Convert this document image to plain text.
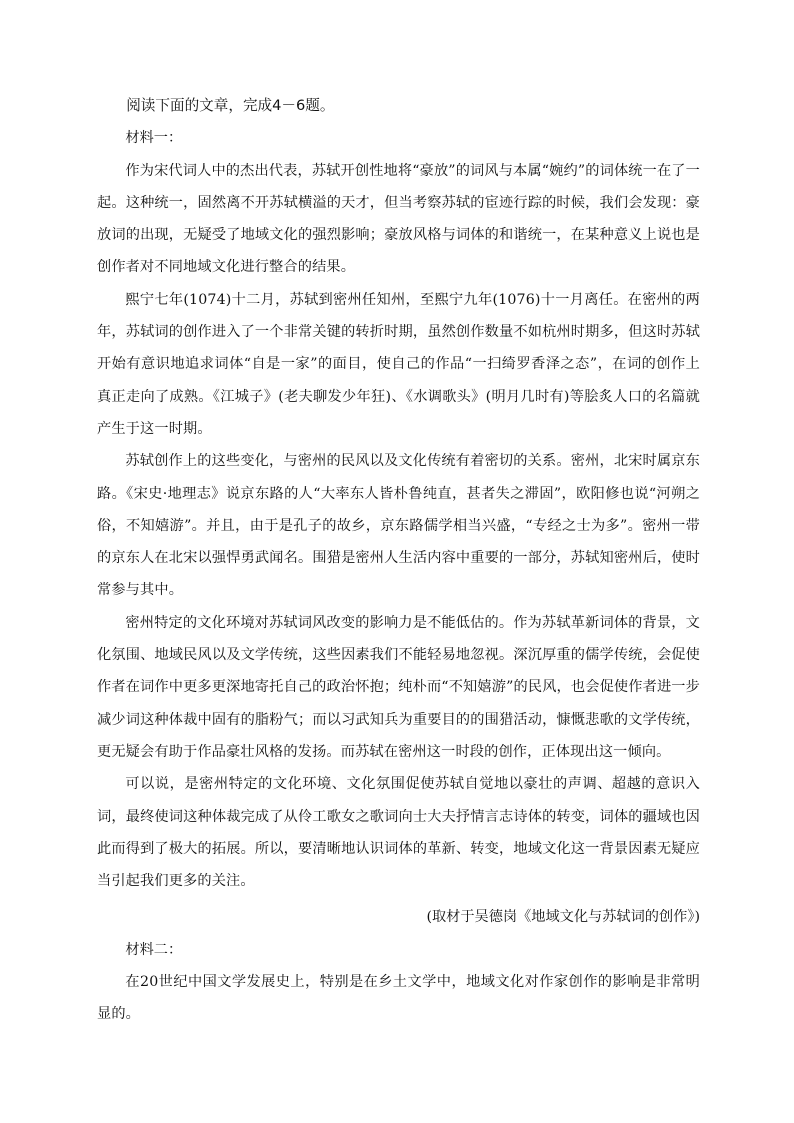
阅读下面的文章，完成4－6题。

材料一：

作为宋代词人中的杰出代表，苏轼开创性地将“豪放”的词风与本属“婉约”的词体统一在了一起。这种统一，固然离不开苏轼横溢的天才，但当考察苏轼的宦迹行踪的时候，我们会发现：豪放词的出现，无疑受了地域文化的强烈影响；豪放风格与词体的和谐统一，在某种意义上说也是创作者对不同地域文化进行整合的结果。

熙宁七年(1074)十二月，苏轼到密州任知州，至熙宁九年(1076)十一月离任。在密州的两年，苏轼词的创作进入了一个非常关键的转折时期，虽然创作数量不如杭州时期多，但这时苏轼开始有意识地追求词体“自是一家”的面目，使自己的作品“一扫绮罗香泽之态”，在词的创作上真正走向了成熟。《江城子》(老夫聊发少年狂)、《水调歌头》(明月几时有)等脍炙人口的名篇就产生于这一时期。

苏轼创作上的这些变化，与密州的民风以及文化传统有着密切的关系。密州，北宋时属京东路。《宋史·地理志》说京东路的人“大率东人皆朴鲁纯直，甚者失之滞固”，欧阳修也说“河朔之俗，不知嬉游”。并且，由于是孔子的故乡，京东路儒学相当兴盛，“专经之士为多”。密州一带的京东人在北宋以强悍勇武闻名。围猎是密州人生活内容中重要的一部分，苏轼知密州后，使时常参与其中。

密州特定的文化环境对苏轼词风改变的影响力是不能低估的。作为苏轼革新词体的背景，文化氛围、地域民风以及文学传统，这些因素我们不能轻易地忽视。深沉厚重的儒学传统，会促使作者在词作中更多更深地寄托自己的政治怀抱；纯朴而“不知嬉游”的民风，也会促使作者进一步减少词这种体裁中固有的脂粉气；而以习武知兵为重要目的的围猎活动，慷慨悲歌的文学传统，更无疑会有助于作品豪壮风格的发扬。而苏轼在密州这一时段的创作，正体现出这一倾向。

可以说，是密州特定的文化环境、文化氛围促使苏轼自觉地以豪壮的声调、超越的意识入词，最终使词这种体裁完成了从伶工歌女之歌词向士大夫抒情言志诗体的转变，词体的疆域也因此而得到了极大的拓展。所以，要清晰地认识词体的革新、转变，地域文化这一背景因素无疑应当引起我们更多的关注。

(取材于吴德岗《地域文化与苏轼词的创作》)

材料二：

在20世纪中国文学发展史上，特别是在乡土文学中，地域文化对作家创作的影响是非常明显的。
